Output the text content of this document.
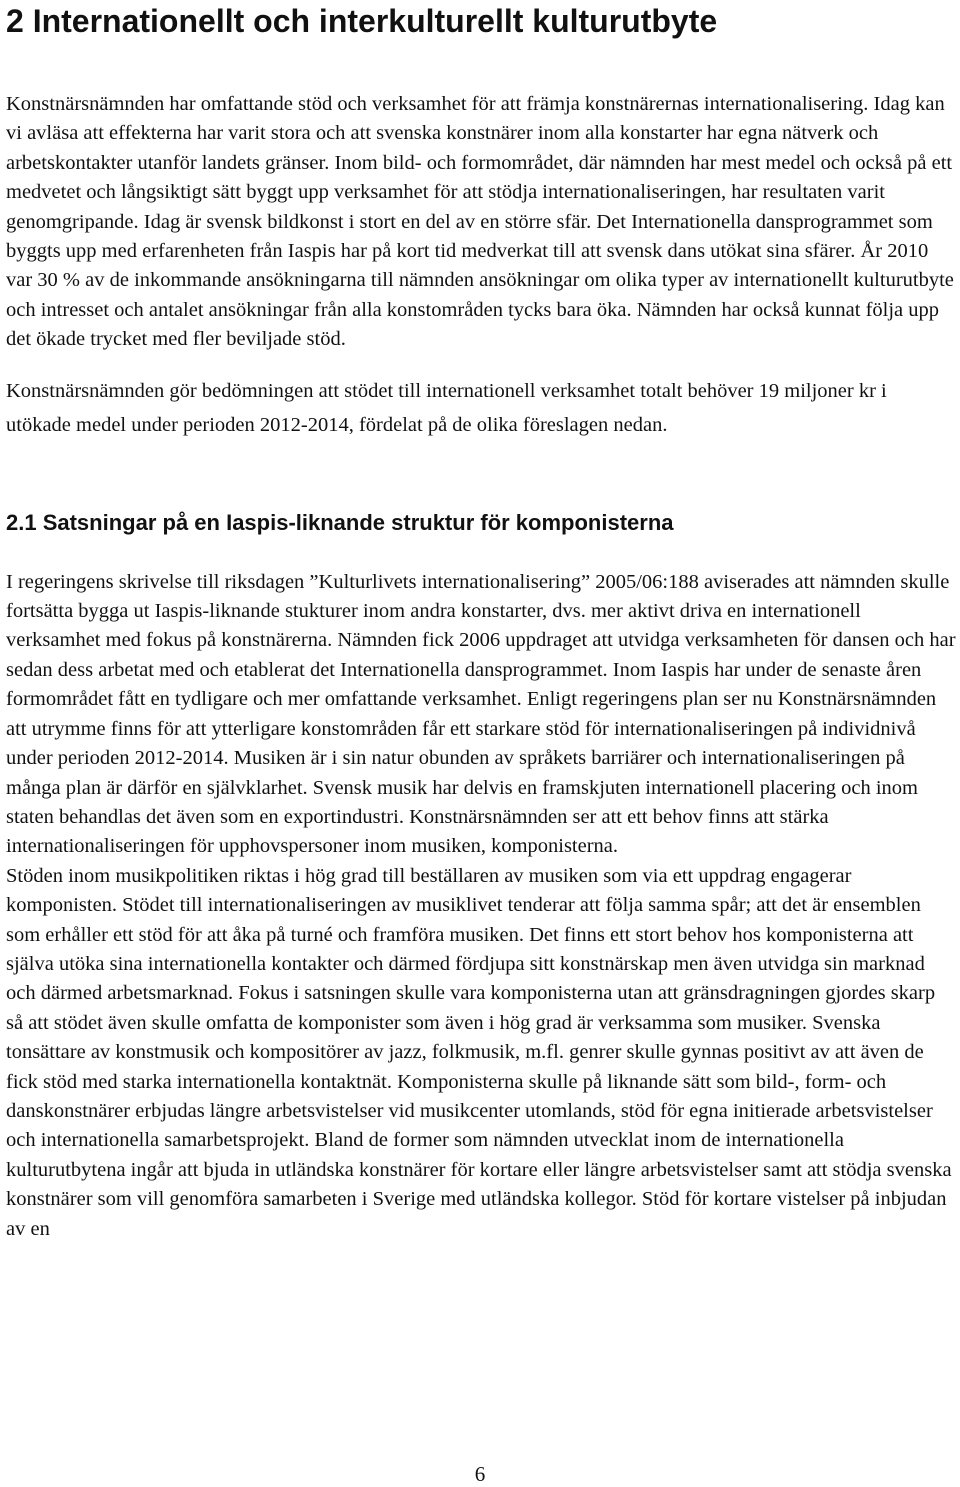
2 Internationellt och interkulturellt kulturutbyte

Konstnärsnämnden har omfattande stöd och verksamhet för att främja konstnärernas internationalisering. Idag kan vi avläsa att effekterna har varit stora och att svenska konstnärer inom alla konstarter har egna nätverk och arbetskontakter utanför landets gränser. Inom bild- och formområdet, där nämnden har mest medel och också på ett medvetet och långsiktigt sätt byggt upp verksamhet för att stödja internationaliseringen, har resultaten varit genomgripande. Idag är svensk bildkonst i stort en del av en större sfär. Det Internationella dansprogrammet som byggts upp med erfarenheten från Iaspis har på kort tid medverkat till att svensk dans utökat sina sfärer. År 2010 var 30 % av de inkommande ansökningarna till nämnden ansökningar om olika typer av internationellt kulturutbyte och intresset och antalet ansökningar från alla konstområden tycks bara öka. Nämnden har också kunnat följa upp det ökade trycket med fler beviljade stöd.

Konstnärsnämnden gör bedömningen att stödet till internationell verksamhet totalt behöver 19 miljoner kr i utökade medel under perioden 2012-2014, fördelat på de olika föreslagen nedan.

2.1 Satsningar på en Iaspis-liknande struktur för komponisterna

I regeringens skrivelse till riksdagen ”Kulturlivets internationalisering” 2005/06:188 aviserades att nämnden skulle fortsätta bygga ut Iaspis-liknande stukturer inom andra konstarter, dvs. mer aktivt driva en internationell verksamhet med fokus på konstnärerna. Nämnden fick 2006 uppdraget att utvidga verksamheten för dansen och har sedan dess arbetat med och etablerat det Internationella dansprogrammet. Inom Iaspis har under de senaste åren formområdet fått en tydligare och mer omfattande verksamhet. Enligt regeringens plan ser nu Konstnärsnämnden att utrymme finns för att ytterligare konstområden får ett starkare stöd för internationaliseringen på individnivå under perioden 2012-2014. Musiken är i sin natur obunden av språkets barriärer och internationaliseringen på många plan är därför en självklarhet. Svensk musik har delvis en framskjuten internationell placering och inom staten behandlas det även som en exportindustri. Konstnärsnämnden ser att ett behov finns att stärka internationaliseringen för upphovspersoner inom musiken, komponisterna.

Stöden inom musikpolitiken riktas i hög grad till beställaren av musiken som via ett uppdrag engagerar komponisten. Stödet till internationaliseringen av musiklivet tenderar att följa samma spår; att det är ensemblen som erhåller ett stöd för att åka på turné och framföra musiken. Det finns ett stort behov hos komponisterna att själva utöka sina internationella kontakter och därmed fördjupa sitt konstnärskap men även utvidga sin marknad och därmed arbetsmarknad. Fokus i satsningen skulle vara komponisterna utan att gränsdragningen gjordes skarp så att stödet även skulle omfatta de komponister som även i hög grad är verksamma som musiker. Svenska tonsättare av konstmusik och kompositörer av jazz, folkmusik, m.fl. genrer skulle gynnas positivt av att även de fick stöd med starka internationella kontaktnät. Komponisterna skulle på liknande sätt som bild-, form- och danskonstnärer erbjudas längre arbetsvistelser vid musikcenter utomlands, stöd för egna initierade arbetsvistelser och internationella samarbetsprojekt. Bland de former som nämnden utvecklat inom de internationella kulturutbytena ingår att bjuda in utländska konstnärer för kortare eller längre arbetsvistelser samt att stödja svenska konstnärer som vill genomföra samarbeten i Sverige med utländska kollegor. Stöd för kortare vistelser på inbjudan av en

6
